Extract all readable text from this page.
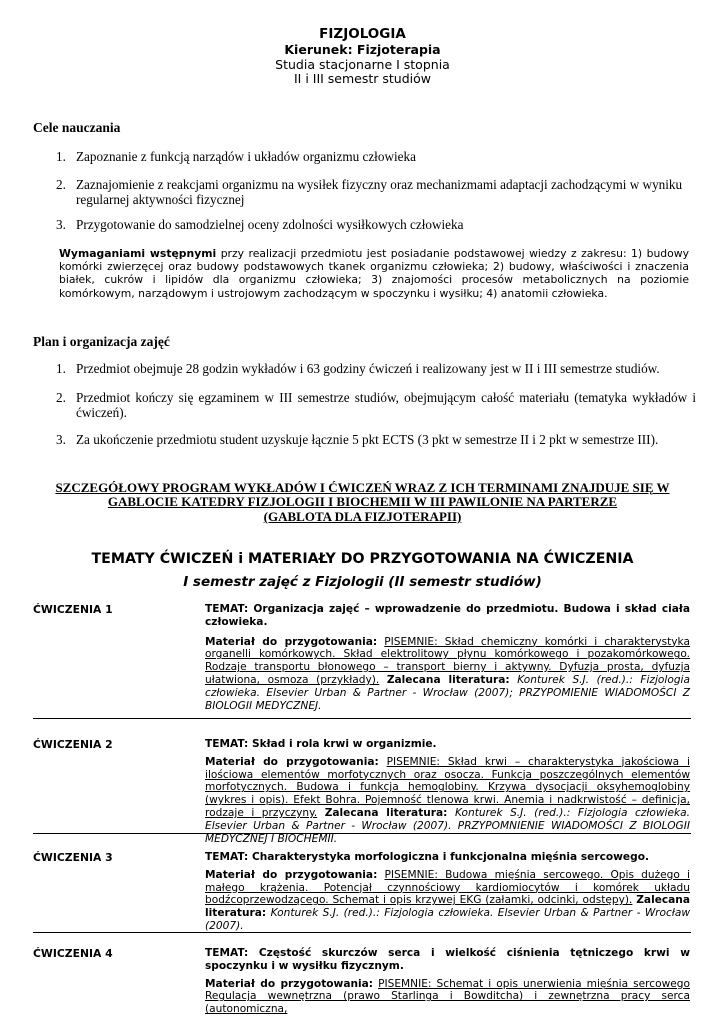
FIZJOLOGIA
Kierunek: Fizjoterapia
Studia stacjonarne I stopnia
II i III semestr studiów
Cele nauczania
1. Zapoznanie z funkcją narządów i układów organizmu człowieka
2. Zaznajomienie z reakcjami organizmu na wysiłek fizyczny oraz mechanizmami adaptacji zachodzącymi w wyniku regularnej aktywności fizycznej
3. Przygotowanie do samodzielnej oceny zdolności wysiłkowych człowieka
Wymaganiami wstępnymi przy realizacji przedmiotu jest posiadanie podstawowej wiedzy z zakresu: 1) budowy komórki zwierzęcej oraz budowy podstawowych tkanek organizmu człowieka; 2) budowy, właściwości i znaczenia białek, cukrów i lipidów dla organizmu człowieka; 3) znajomości procesów metabolicznych na poziomie komórkowym, narządowym i ustrojowym zachodzącym w spoczynku i wysiłku; 4) anatomii człowieka.
Plan i organizacja zajęć
1. Przedmiot obejmuje 28 godzin wykładów i 63 godziny ćwiczeń i realizowany jest w II i III semestrze studiów.
2. Przedmiot kończy się egzaminem w III semestrze studiów, obejmującym całość materiału (tematyka wykładów i ćwiczeń).
3. Za ukończenie przedmiotu student uzyskuje łącznie 5 pkt ECTS (3 pkt w semestrze II i 2 pkt w semestrze III).
SZCZEGÓŁOWY PROGRAM WYKŁADÓW I ĆWICZEŃ WRAZ Z ICH TERMINAMI ZNAJDUJE SIĘ W
GABLOCIE KATEDRY FIZJOLOGII I BIOCHEMII W III PAWILONIE NA PARTERZE
(GABLOTA DLA FIZJOTERAPII)
TEMATY ĆWICZEŃ i MATERIAŁY DO PRZYGOTOWANIA NA ĆWICZENIA
I semestr zajęć z Fizjologii (II semestr studiów)
ĆWICZENIA 1	TEMAT: Organizacja zajęć – wprowadzenie do przedmiotu. Budowa i skład ciała człowieka.
Materiał do przygotowania: PISEMNIE: Skład chemiczny komórki i charakterystyka organelli komórkowych. Skład elektrolitowy płynu komórkowego i pozakomórkowego. Rodzaje transportu błonowego – transport bierny i aktywny. Dyfuzja prosta, dyfuzja ułatwiona, osmoza (przykłady). Zalecana literatura: Konturek S.J. (red.).: Fizjologia człowieka. Elsevier Urban & Partner - Wrocław (2007); PRZYPOMIENIE WIADOMOŚCI Z BIOLOGII MEDYCZNEJ.
ĆWICZENIA 2	TEMAT: Skład i rola krwi w organizmie.
Materiał do przygotowania: PISEMNIE: Skład krwi – charakterystyka jakościowa i ilościowa elementów morfotycznych oraz osocza. Funkcja poszczególnych elementów morfotycznych. Budowa i funkcja hemoglobiny. Krzywa dysocjacji oksyhemoglobiny (wykres i opis). Efekt Bohra. Pojemność tlenowa krwi. Anemia i nadkrwistość – definicja, rodzaje i przyczyny. Zalecana literatura: Konturek S.J. (red.).: Fizjologia człowieka. Elsevier Urban & Partner - Wrocław (2007). PRZYPOMNIENIE WIADOMOŚCI Z BIOLOGII MEDYCZNEJ I BIOCHEMII.
ĆWICZENIA 3	TEMAT: Charakterystyka morfologiczna i funkcjonalna mięśnia sercowego.
Materiał do przygotowania: PISEMNIE: Budowa mięśnia sercowego. Opis dużego i małego krążenia. Potencjał czynnościowy kardiomiocytów i komórek układu bodźcoprzewodzącego. Schemat i opis krzywej EKG (załamki, odcinki, odstępy). Zalecana literatura: Konturek S.J. (red.).: Fizjologia człowieka. Elsevier Urban & Partner - Wrocław (2007).
ĆWICZENIA 4	TEMAT: Częstość skurczów serca i wielkość ciśnienia tętniczego krwi w spoczynku i w wysiłku fizycznym.
Materiał do przygotowania: PISEMNIE: Schemat i opis unerwienia mięśnia sercowego Regulacja wewnętrzna (prawo Starlinga i Bowditcha) i zewnętrzna pracy serca (autonomiczna,
